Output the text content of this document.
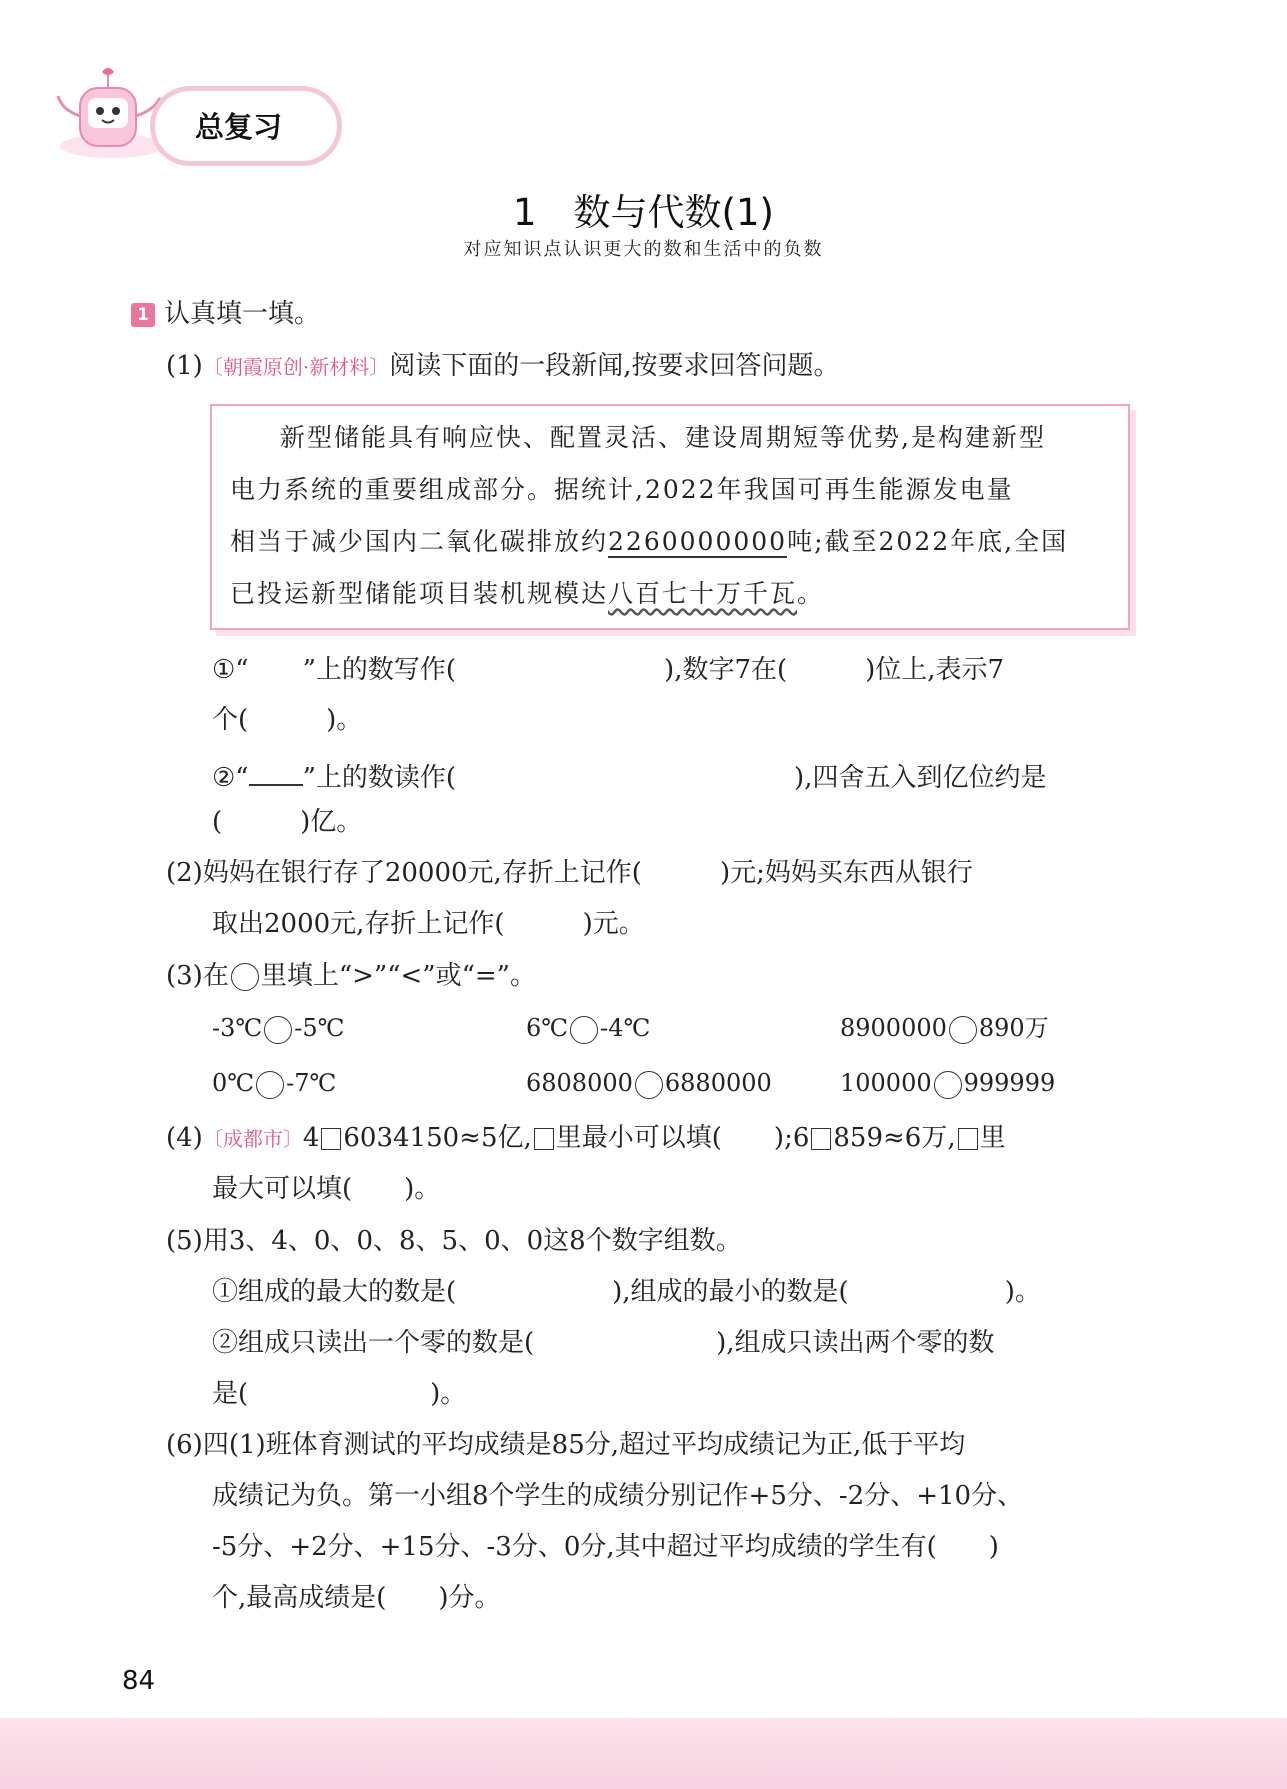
总复习
1　数与代数(1)
对应知识点认识更大的数和生活中的负数
1 认真填一填。
(1)〔朝霞原创·新材料〕阅读下面的一段新闻,按要求回答问题。

新型储能具有响应快、配置灵活、建设周期短等优势,是构建新型

电力系统的重要组成部分。据统计,2022年我国可再生能源发电量

相当于减少国内二氧化碳排放约2260000000吨;截至2022年底,全国

已投运新型储能项目装机规模达八百七十万千瓦。

①“ ”上的数写作(　　　　　　　　),数字7在(　　　)位上,表示7
个(　　　)。
②“ ”上的数读作(　　　　　　　　　　　　　),四舍五入到亿位约是
(　　　)亿。
(2)妈妈在银行存了20000元,存折上记作(　　　)元;妈妈买东西从银行
取出2000元,存折上记作(　　　)元。
(3)在 里填上“>”“<”或“=”。
-3℃ -5℃	6℃ -4℃	8900000 890万
0℃ -7℃	6808000 6880000	100000 999999
(4)〔成都市〕4 6034150≈5亿, 里最小可以填(　　);6 859≈6万, 里
最大可以填(　　)。
(5)用3、4、0、0、8、5、0、0这8个数字组数。
①组成的最大的数是(　　　　　　),组成的最小的数是(　　　　　　)。
②组成只读出一个零的数是(　　　　　　　),组成只读出两个零的数
是(　　　　　　　)。
(6)四(1)班体育测试的平均成绩是85分,超过平均成绩记为正,低于平均
成绩记为负。第一小组8个学生的成绩分别记作+5分、-2分、+10分、
-5分、+2分、+15分、-3分、0分,其中超过平均成绩的学生有(　　)
个,最高成绩是(　　)分。
84
